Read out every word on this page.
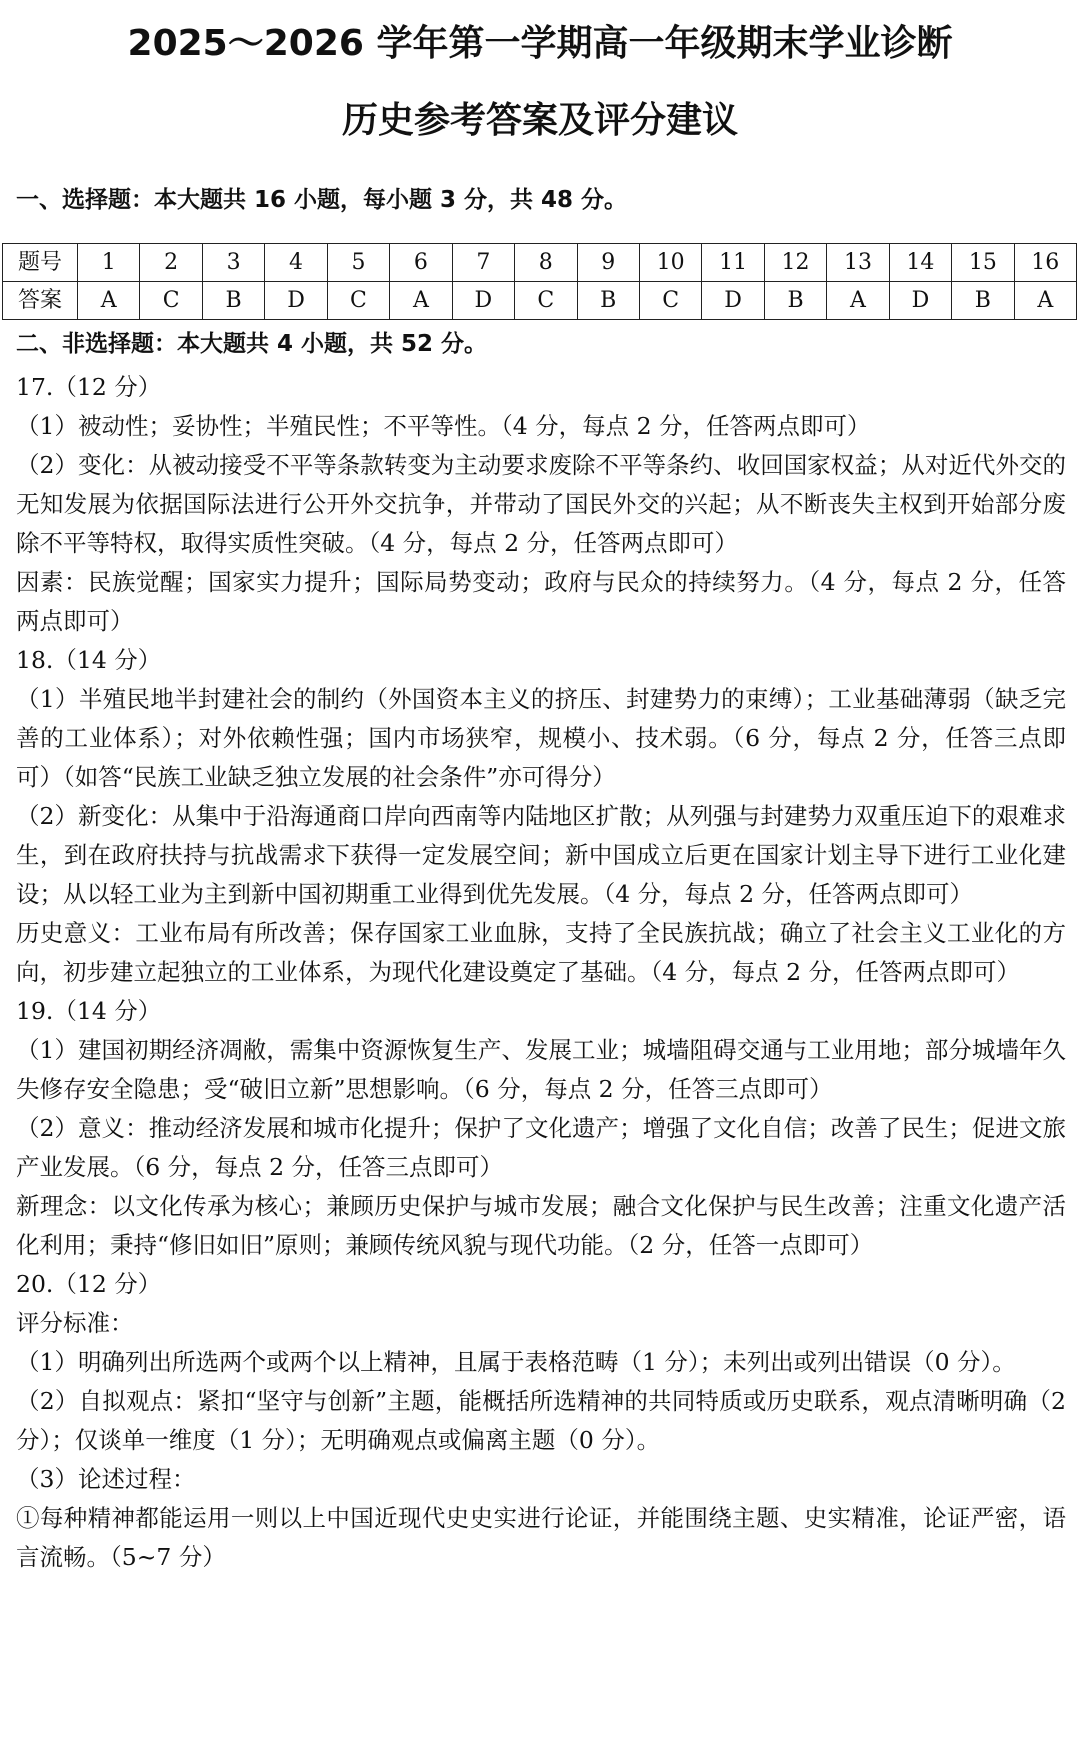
2025～2026 学年第一学期高一年级期末学业诊断
历史参考答案及评分建议
一、选择题：本大题共 16 小题，每小题 3 分，共 48 分。
题号	1	2	3	4	5	6	7	8	9	10	11	12	13	14	15	16
答案	A	C	B	D	C	A	D	C	B	C	D	B	A	D	B	A
二、非选择题：本大题共 4 小题，共 52 分。

17.（12 分）

（1）被动性；妥协性；半殖民性；不平等性。（4 分，每点 2 分，任答两点即可）

（2）变化：从被动接受不平等条款转变为主动要求废除不平等条约、收回国家权益；从对近代外交的无知发展为依据国际法进行公开外交抗争，并带动了国民外交的兴起；从不断丧失主权到开始部分废除不平等特权，取得实质性突破。（4 分，每点 2 分，任答两点即可）

因素：民族觉醒；国家实力提升；国际局势变动；政府与民众的持续努力。（4 分，每点 2 分，任答两点即可）

18.（14 分）

（1）半殖民地半封建社会的制约（外国资本主义的挤压、封建势力的束缚）；工业基础薄弱（缺乏完善的工业体系）；对外依赖性强；国内市场狭窄，规模小、技术弱。（6 分，每点 2 分，任答三点即可）（如答“民族工业缺乏独立发展的社会条件”亦可得分）

（2）新变化：从集中于沿海通商口岸向西南等内陆地区扩散；从列强与封建势力双重压迫下的艰难求生，到在政府扶持与抗战需求下获得一定发展空间；新中国成立后更在国家计划主导下进行工业化建设；从以轻工业为主到新中国初期重工业得到优先发展。（4 分，每点 2 分，任答两点即可）

历史意义：工业布局有所改善；保存国家工业血脉，支持了全民族抗战；确立了社会主义工业化的方向，初步建立起独立的工业体系，为现代化建设奠定了基础。（4 分，每点 2 分，任答两点即可）

19.（14 分）

（1）建国初期经济凋敝，需集中资源恢复生产、发展工业；城墙阻碍交通与工业用地；部分城墙年久失修存安全隐患；受“破旧立新”思想影响。（6 分，每点 2 分，任答三点即可）

（2）意义：推动经济发展和城市化提升；保护了文化遗产；增强了文化自信；改善了民生；促进文旅产业发展。（6 分，每点 2 分，任答三点即可）

新理念：以文化传承为核心；兼顾历史保护与城市发展；融合文化保护与民生改善；注重文化遗产活化利用；秉持“修旧如旧”原则；兼顾传统风貌与现代功能。（2 分，任答一点即可）

20.（12 分）

评分标准：

（1）明确列出所选两个或两个以上精神，且属于表格范畴（1 分）；未列出或列出错误（0 分）。

（2）自拟观点：紧扣“坚守与创新”主题，能概括所选精神的共同特质或历史联系，观点清晰明确（2 分）；仅谈单一维度（1 分）；无明确观点或偏离主题（0 分）。

（3）论述过程：

①每种精神都能运用一则以上中国近现代史史实进行论证，并能围绕主题、史实精准，论证严密，语言流畅。（5~7 分）
